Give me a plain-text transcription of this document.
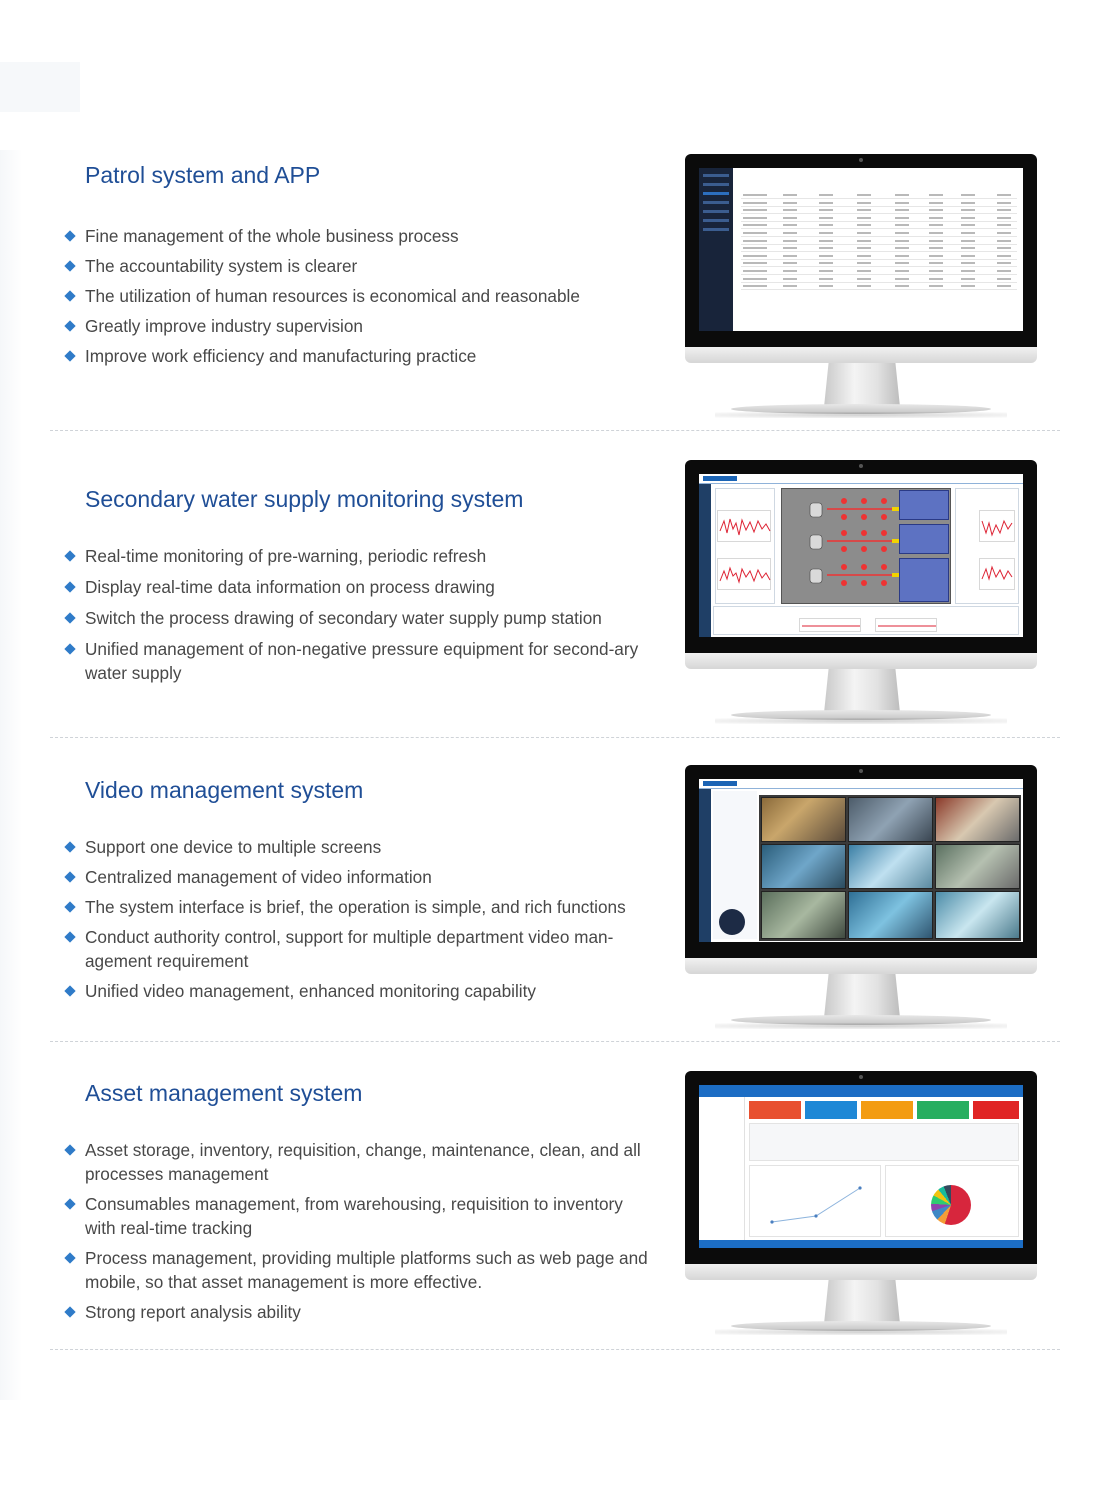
Patrol system and APP
Fine management of the whole business process
The accountability system is clearer
The utilization of human resources is economical and reasonable
Greatly improve industry supervision
Improve work efficiency and manufacturing practice
Secondary water supply monitoring system
Real-time monitoring of pre-warning, periodic refresh
Display real-time data information on process drawing
Switch the process drawing of secondary water supply pump station
Unified management of non-negative pressure equipment for second-ary water supply
Video management system
Support one device to multiple screens
Centralized management of video information
The system interface is brief, the operation is simple, and rich functions
Conduct authority control, support for multiple department video man-agement requirement
Unified video management, enhanced monitoring capability
Asset management system
Asset storage, inventory, requisition, change, maintenance, clean, and all processes management
Consumables management, from warehousing, requisition to inventory with real-time tracking
Process management, providing multiple platforms such as web page and mobile, so that asset management is more effective.
Strong report analysis ability
